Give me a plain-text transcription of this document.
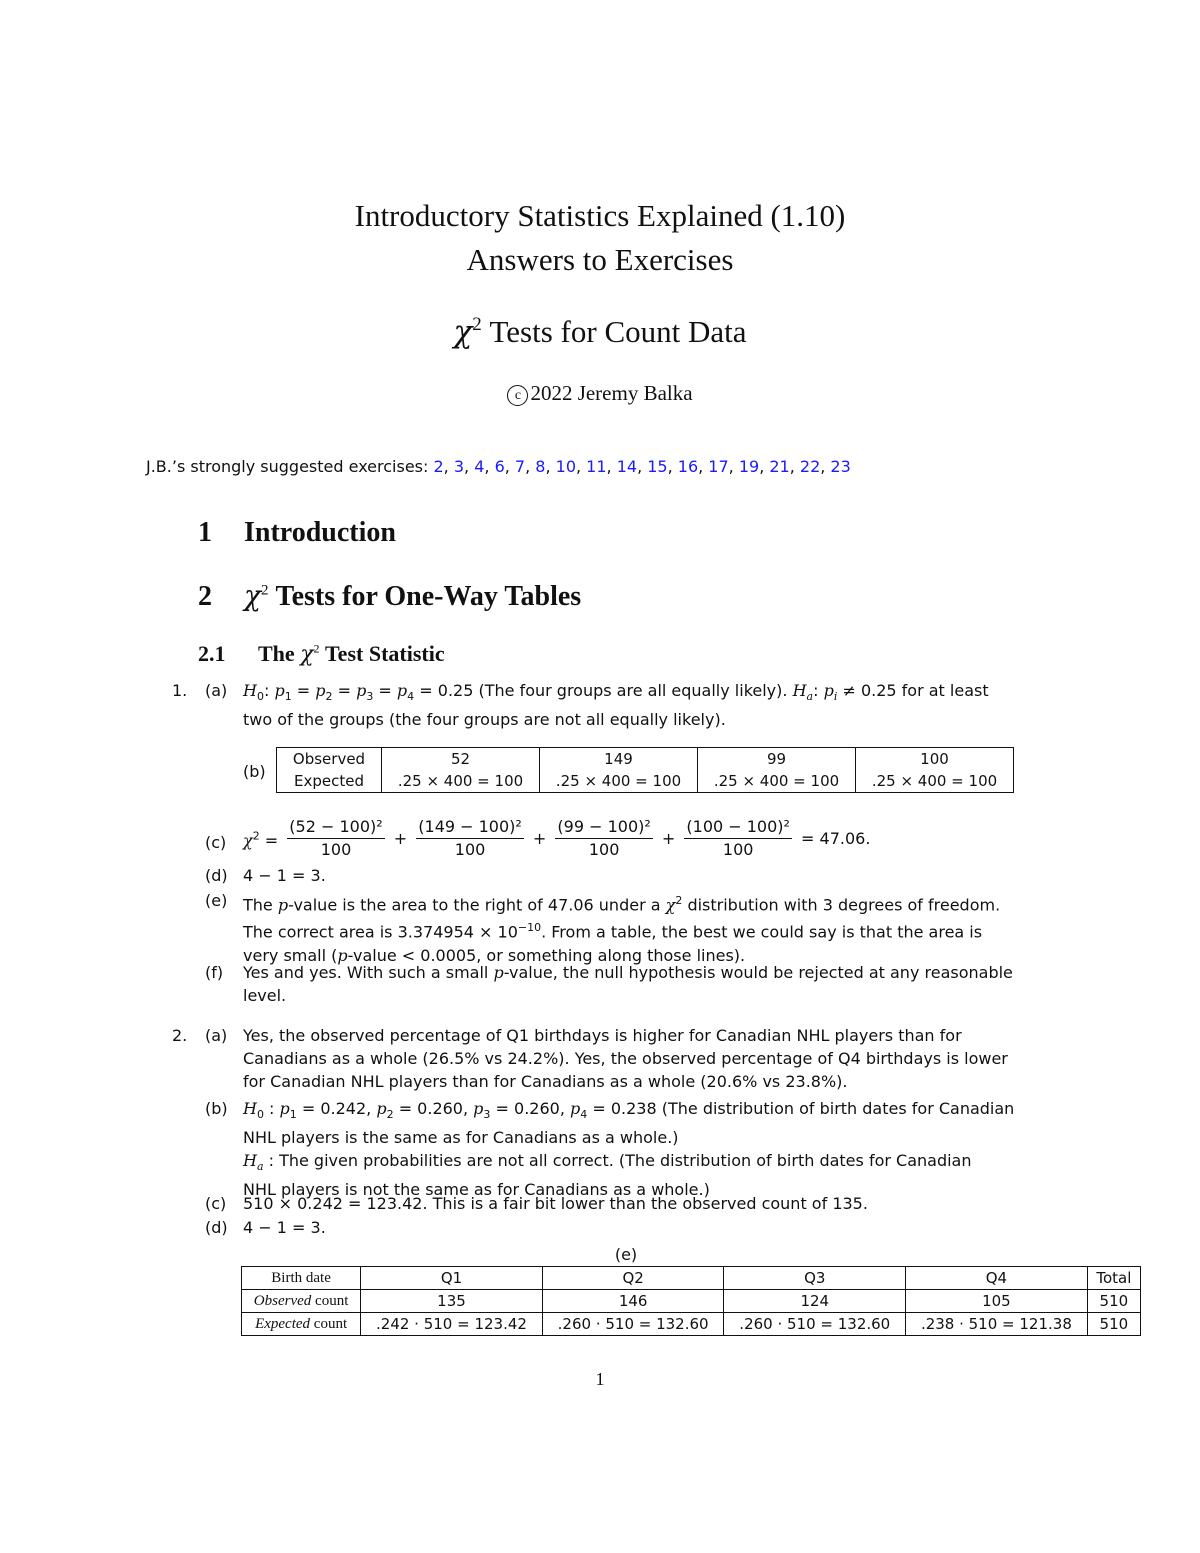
Introductory Statistics Explained (1.10)
Answers to Exercises
$\chi^2$ Tests for Count Data
c 2022 Jeremy Balka
J.B.’s strongly suggested exercises: 2, 3, 4, 6, 7, 8, 10, 11, 14, 15, 16, 17, 19, 21, 22, 23
1 Introduction
2 $\chi^2$ Tests for One-Way Tables
2.1 The $\chi^2$ Test Statistic
1. (a) $H_0$: $p_1 = p_2 = p_3 = p_4 = 0.25$ (The four groups are all equally likely). $H_a$: $p_i \ne 0.25$ for at least
two of the groups (the four groups are not all equally likely).
(b)
Observed	52	149	99	100
Expected	.25 × 400 = 100	.25 × 400 = 100	.25 × 400 = 100	.25 × 400 = 100
(c) $\chi^2 = \frac{\text{(52 − 100)²}}{100} + \frac{\text{(149 − 100)²}}{100} + \frac{\text{(99 − 100)²}}{100} + \frac{\text{(100 − 100)²}}{100} = 47.06$.
(d) 4 − 1 = 3.
(e) The p-value is the area to the right of 47.06 under a $\chi^2$ distribution with 3 degrees of freedom.
The correct area is $3.374954 \times 10^{-10}$. From a table, the best we could say is that the area is
very small (p-value < 0.0005, or something along those lines).
(f) Yes and yes. With such a small p-value, the null hypothesis would be rejected at any reasonable
level.
2. (a) Yes, the observed percentage of Q1 birthdays is higher for Canadian NHL players than for
Canadians as a whole (26.5% vs 24.2%). Yes, the observed percentage of Q4 birthdays is lower
for Canadian NHL players than for Canadians as a whole (20.6% vs 23.8%).
(b) $H_0$ : $p_1 = 0.242$, $p_2 = 0.260$, $p_3 = 0.260$, $p_4 = 0.238$ (The distribution of birth dates for Canadian
NHL players is the same as for Canadians as a whole.)
$H_a$ : The given probabilities are not all correct. (The distribution of birth dates for Canadian
NHL players is not the same as for Canadians as a whole.)
(c) 510 × 0.242 = 123.42. This is a fair bit lower than the observed count of 135.
(d) 4 − 1 = 3.
(e)
Birth date	Q1	Q2	Q3	Q4	Total
Observed count	135	146	124	105	510
Expected count	.242 · 510 = 123.42	.260 · 510 = 132.60	.260 · 510 = 132.60	.238 · 510 = 121.38	510
1
